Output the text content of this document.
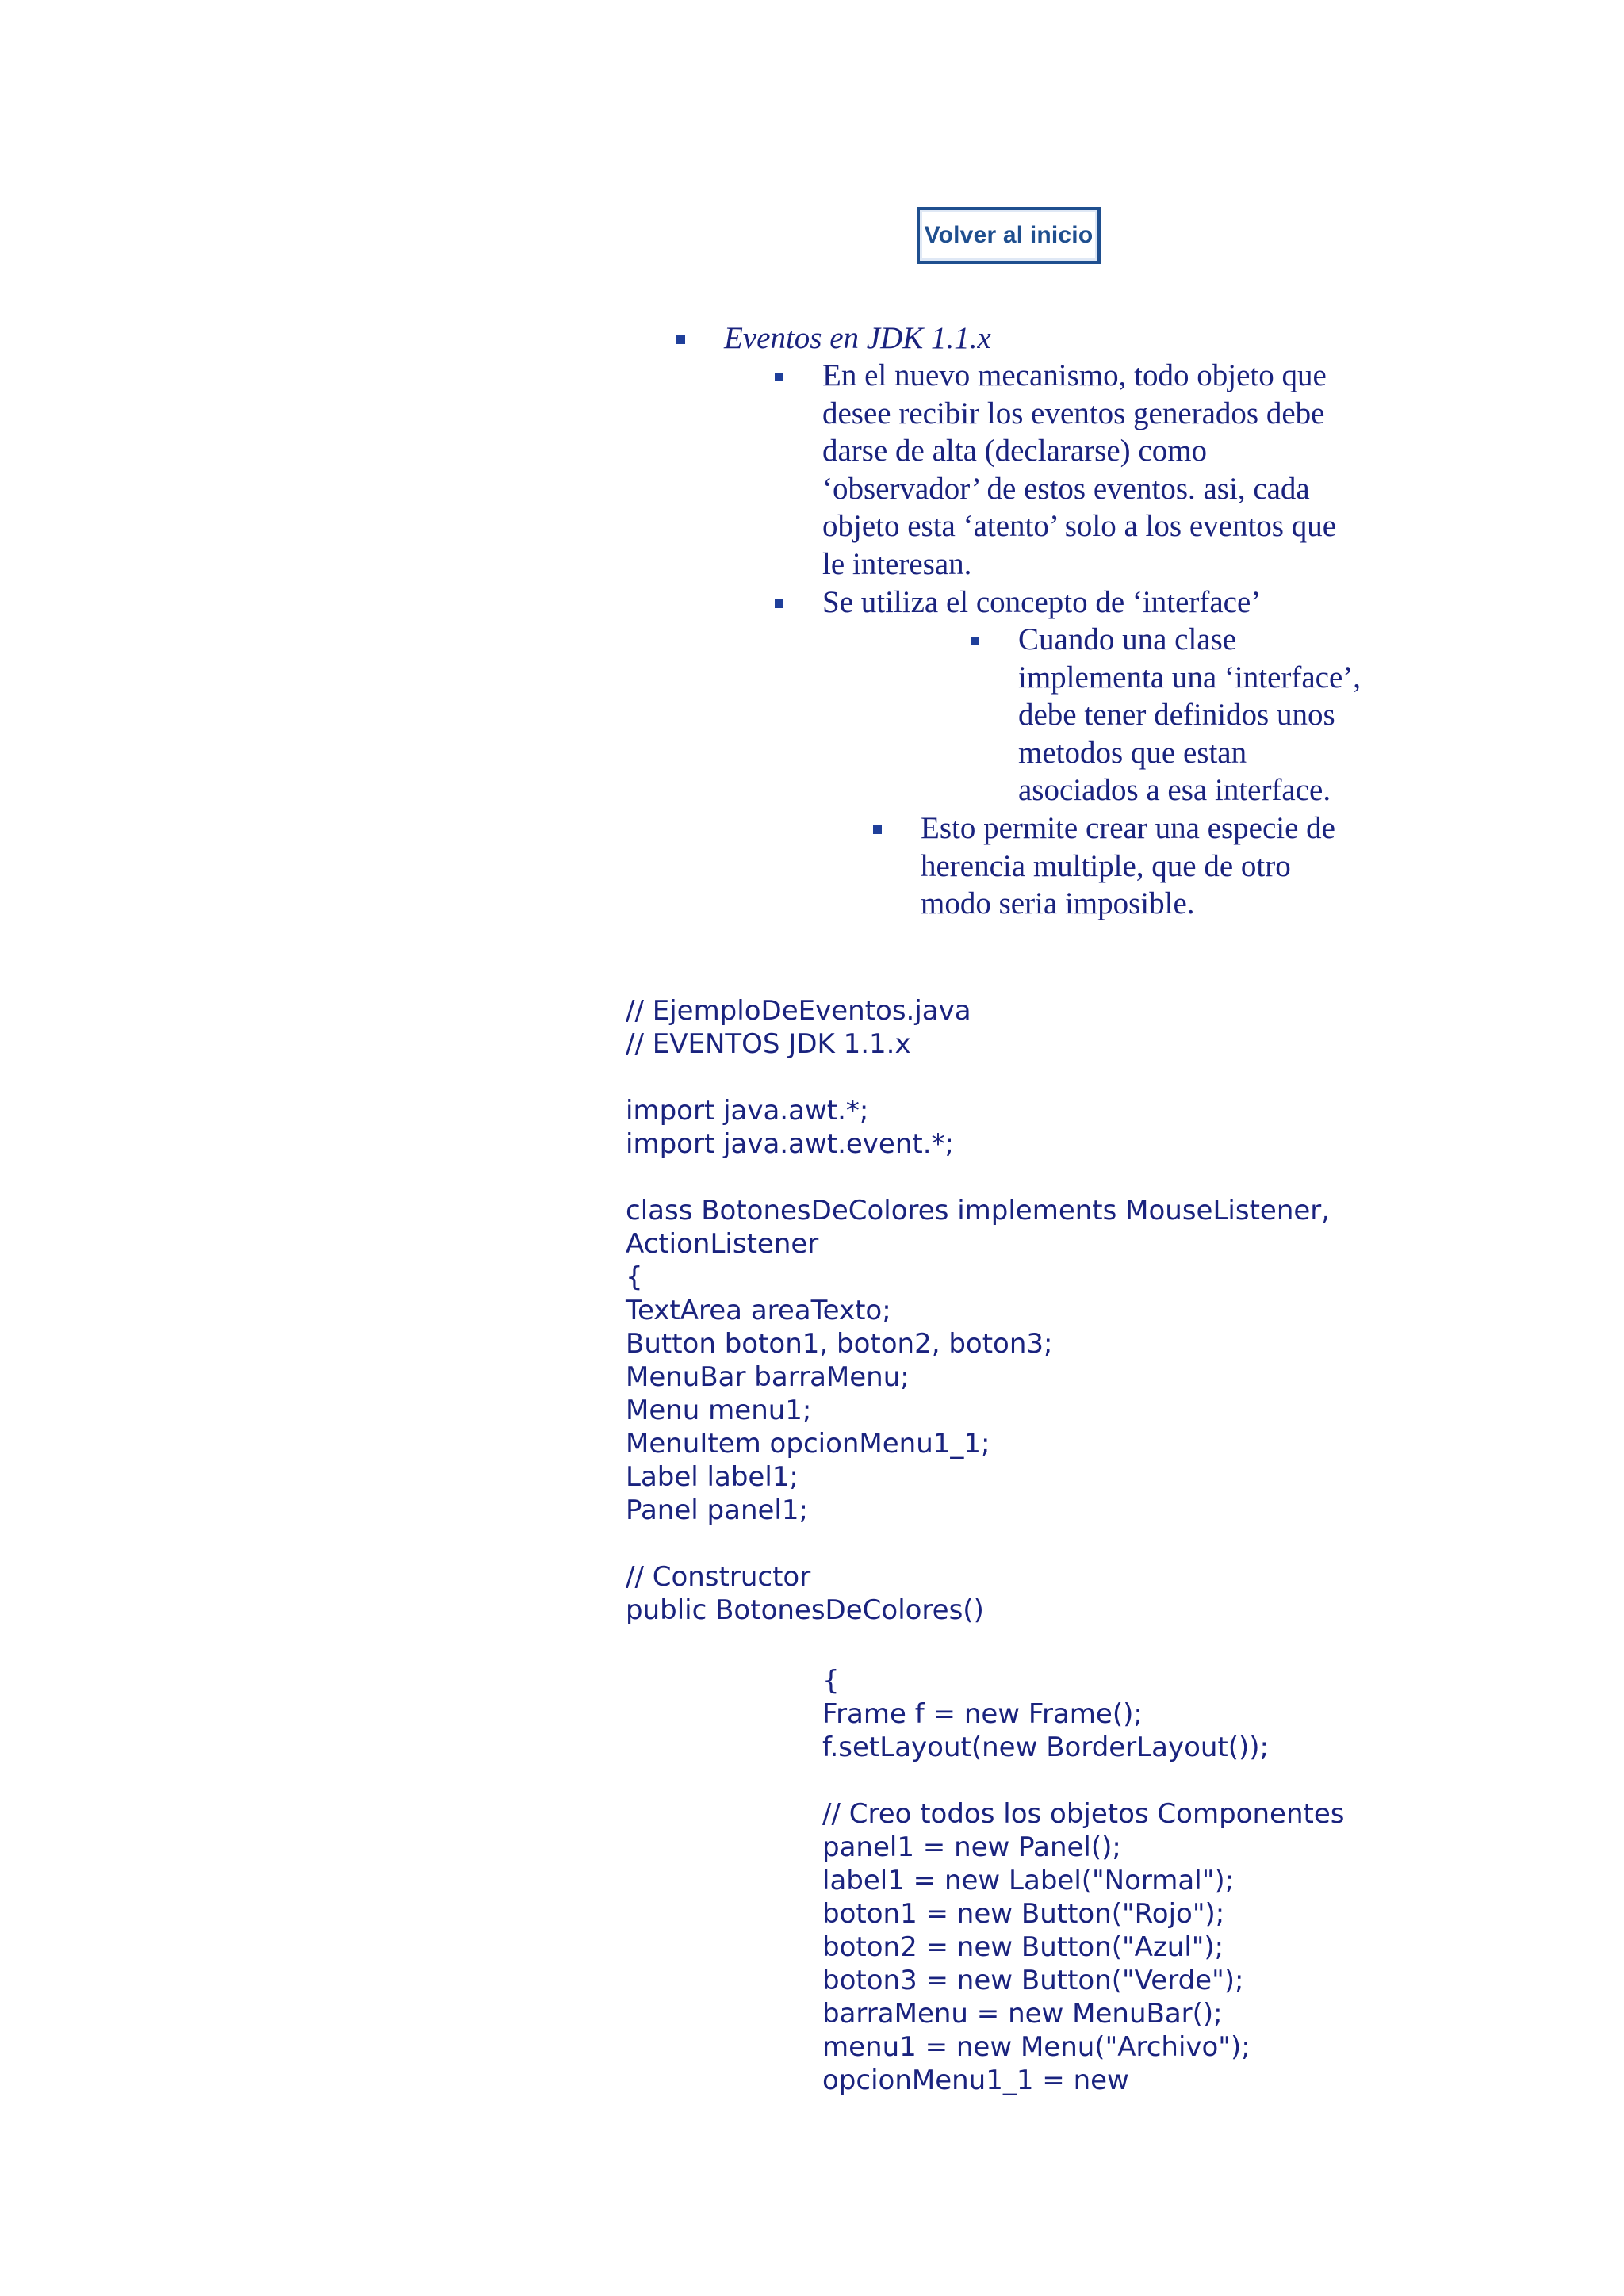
Volver al inicio
Eventos en JDK 1.1.x
En el nuevo mecanismo, todo objeto que
desee recibir los eventos generados debe
darse de alta (declararse) como
‘observador’ de estos eventos. asi, cada
objeto esta ‘atento’ solo a los eventos que
le interesan.
Se utiliza el concepto de ‘interface’
Cuando una clase
implementa una ‘interface’,
debe tener definidos unos
metodos que estan
asociados a esa interface.
Esto permite crear una especie de
herencia multiple, que de otro
modo seria imposible.
// EjemploDeEventos.java
// EVENTOS JDK 1.1.x

import java.awt.*;
import java.awt.event.*;

class BotonesDeColores implements MouseListener,
ActionListener
{
TextArea areaTexto;
Button boton1, boton2, boton3;
MenuBar barraMenu;
Menu menu1;
MenuItem opcionMenu1_1;
Label label1;
Panel panel1;

// Constructor
public BotonesDeColores()
{
Frame f = new Frame();
f.setLayout(new BorderLayout());

// Creo todos los objetos Componentes
panel1 = new Panel();
label1 = new Label("Normal");
boton1 = new Button("Rojo");
boton2 = new Button("Azul");
boton3 = new Button("Verde");
barraMenu = new MenuBar();
menu1 = new Menu("Archivo");
opcionMenu1_1 = new
